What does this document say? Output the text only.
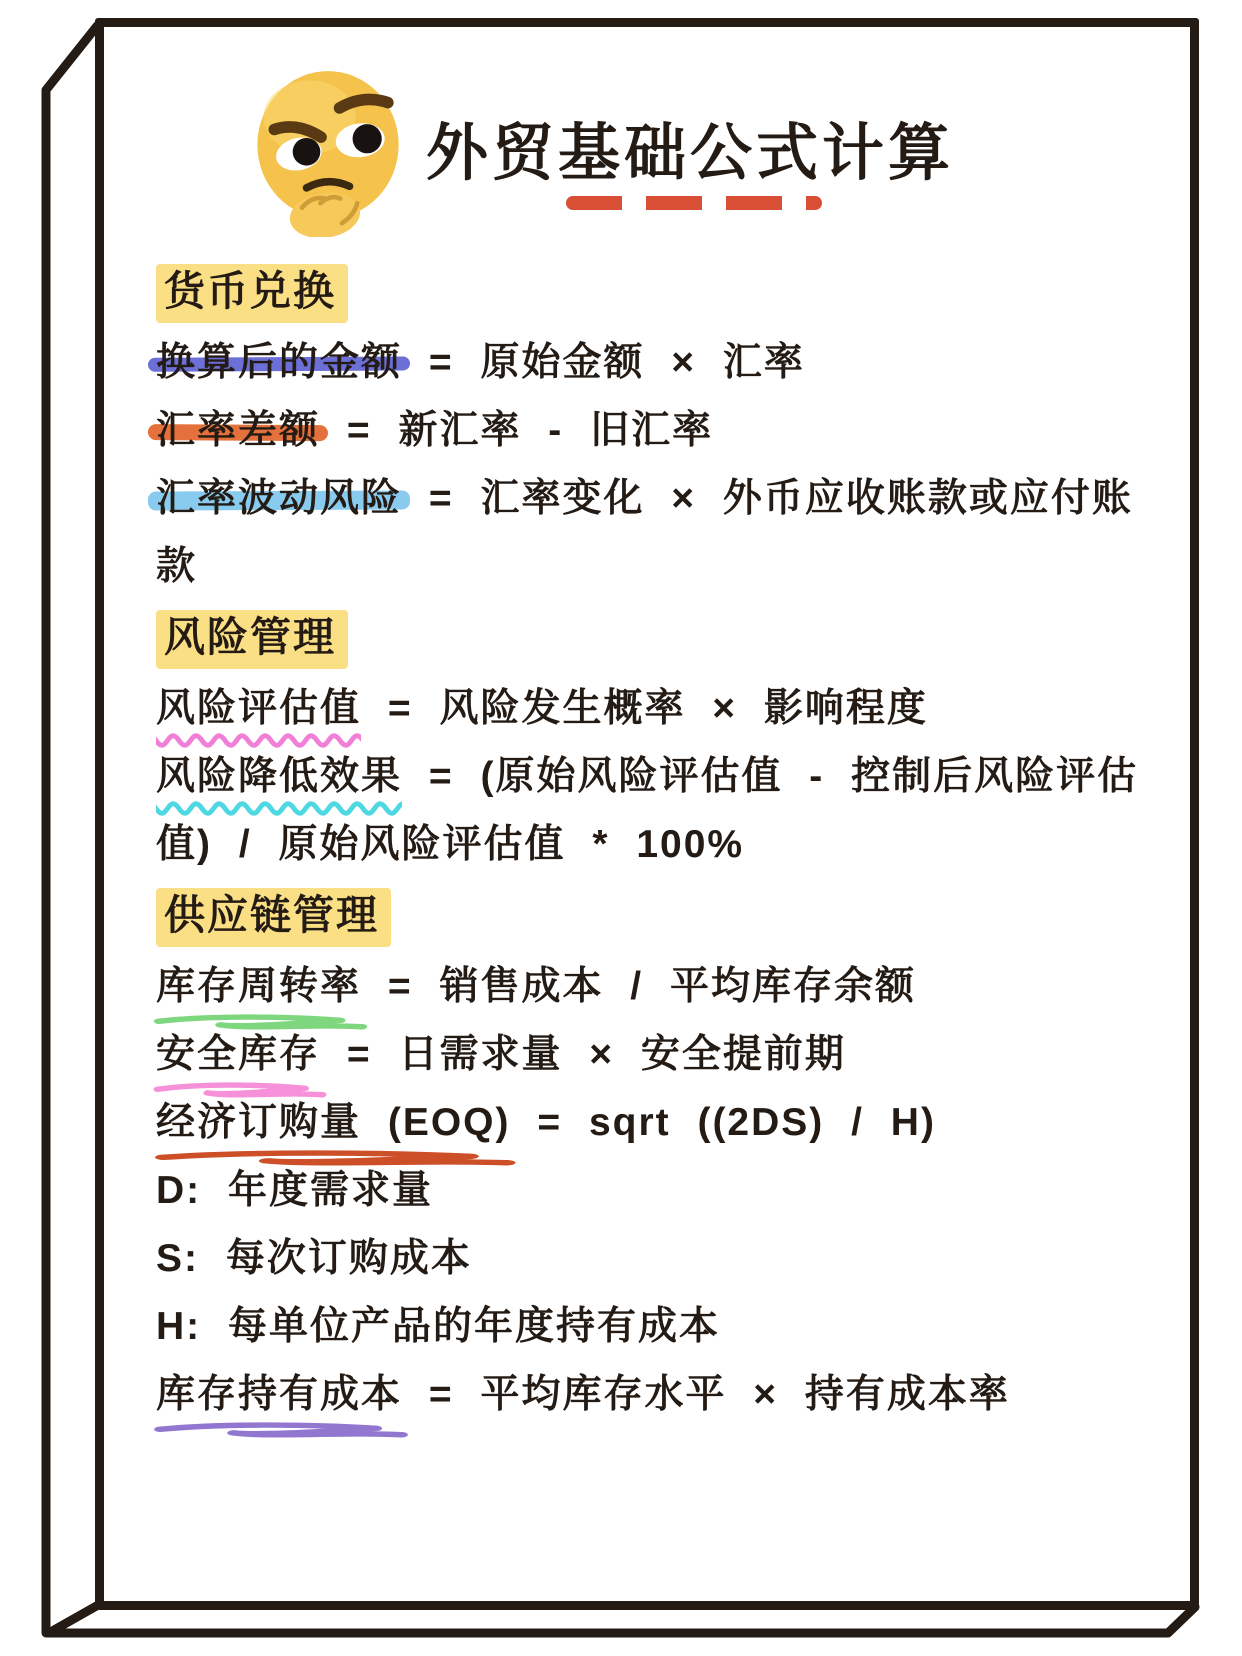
外贸基础公式计算
货币兑换
换算后的金额 = 原始金额 × 汇率
汇率差额 = 新汇率 - 旧汇率
汇率波动风险 = 汇率变化 × 外币应收账款或应付账款
风险管理
风险评估值 = 风险发生概率 × 影响程度
风险降低效果 = (原始风险评估值 - 控制后风险评估值) / 原始风险评估值 * 100%
供应链管理
库存周转率
= 销售成本 / 平均库存余额
安全库存
= 日需求量 × 安全提前期
经济订购量 (EOQ)
= sqrt ((2DS) / H)
D: 年度需求量
S: 每次订购成本
H: 每单位产品的年度持有成本
库存持有成本
= 平均库存水平 × 持有成本率
